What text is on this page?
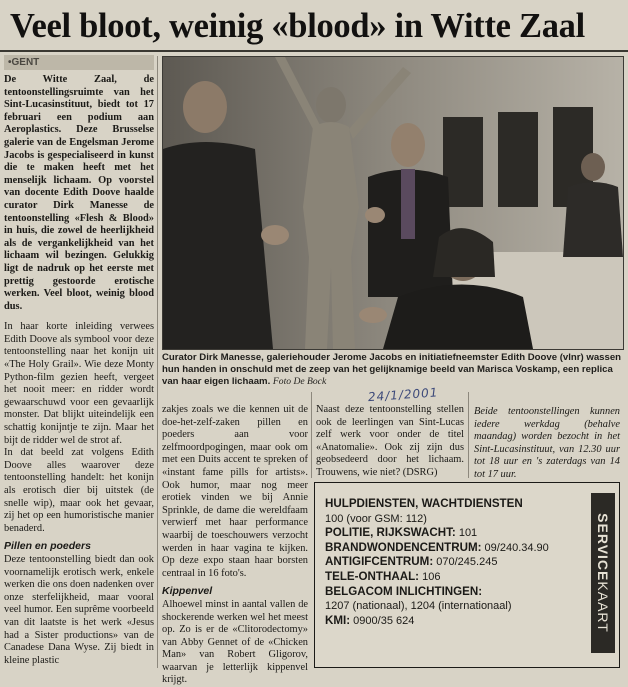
Veel bloot, weinig «blood» in Witte Zaal
•GENT

De Witte Zaal, de tentoonstellingsruimte van het Sint-Lucasinstituut, biedt tot 17 februari een podium aan Aeroplastics. Deze Brusselse galerie van de Engelsman Jerome Jacobs is gespecialiseerd in kunst die te maken heeft met het menselijk lichaam. Op voorstel van docente Edith Doove haalde curator Dirk Manesse de tentoonstelling «Flesh & Blood» in huis, die zowel de heerlijkheid als de vergankelijkheid van het lichaam wil bezingen. Gelukkig ligt de nadruk op het eerste met prettig gestoorde erotische werken. Veel bloot, weinig blood dus.

In haar korte inleiding verwees Edith Doove als symbool voor deze tentoonstelling naar het konijn uit «The Holy Grail». Wie deze Monty Python-film gezien heeft, vergeet het nooit meer: en ridder wordt gewaarschuwd voor een gevaarlijk monster. Dat blijkt uiteindelijk een schattig konijntje te zijn. Maar het bijt de ridder wel de strot af.

In dat beeld zat volgens Edith Doove alles waarover deze tentoonstelling handelt: het konijn als erotisch dier bij uitstek (de snelle wip), maar ook het gevaar, zij het op een humoristische manier benaderd.

Pillen en poeders

Deze tentoonstelling biedt dan ook voornamelijk erotisch werk, enkele werken die ons doen nadenken over onze sterfelijkheid, maar vooral veel humor. Een suprême voorbeeld van dit laatste is het werk «Jesus had a Sister productions» van de Canadese Dana Wyse. Zij biedt in kleine plastic

Curator Dirk Manesse, galeriehouder Jerome Jacobs en initiatiefneemster Edith Doove (vlnr) wassen hun handen in onschuld met de zeep van het gelijknamige beeld van Marisca Voskamp, een replica van haar eigen lichaam. Foto De Bock
24/1/2001

zakjes zoals we die kennen uit de doe-het-zelf-zaken pillen en poeders aan voor zelfmoordpogingen, maar ook om met een Duits accent te spreken of «instant fame pills for artists». Ook humor, maar nog meer erotiek vinden we bij Annie Sprinkle, de dame die wereldfaam verwierf met haar performance waarbij de toeschouwers verzocht werden in haar vagina te kijken. Op deze expo staan haar borsten centraal in 16 foto's.

Kippenvel

Alhoewel minst in aantal vallen de shockerende werken wel het meest op. Zo is er de «Clitorodectomy» van Abby Gennet of de «Chicken Man» van Robert Gligorov, waarvan je letterlijk kippenvel krijgt.

Naast deze tentoonstelling stellen ook de leerlingen van Sint-Lucas zelf werk voor onder de titel «Anatomalie». Ook zij zijn dus geobsedeerd door het lichaam. Trouwens, wie niet? (DSRG)

Beide tentoonstellingen kunnen iedere werkdag (behalve maandag) worden bezocht in het Sint-Lucasinstituut, van 12.30 uur tot 18 uur en 's zaterdags van 14 tot 17 uur.

HULPDIENSTEN, WACHTDIENSTEN
100 (voor GSM: 112)
POLITIE, RIJKSWACHT: 101
BRANDWONDENCENTRUM: 09/240.34.90
ANTIGIFCENTRUM: 070/245.245
TELE-ONTHAAL: 106
BELGACOM INLICHTINGEN:
1207 (nationaal), 1204 (internationaal)
KMI: 0900/35 624
SERVICEKAART
